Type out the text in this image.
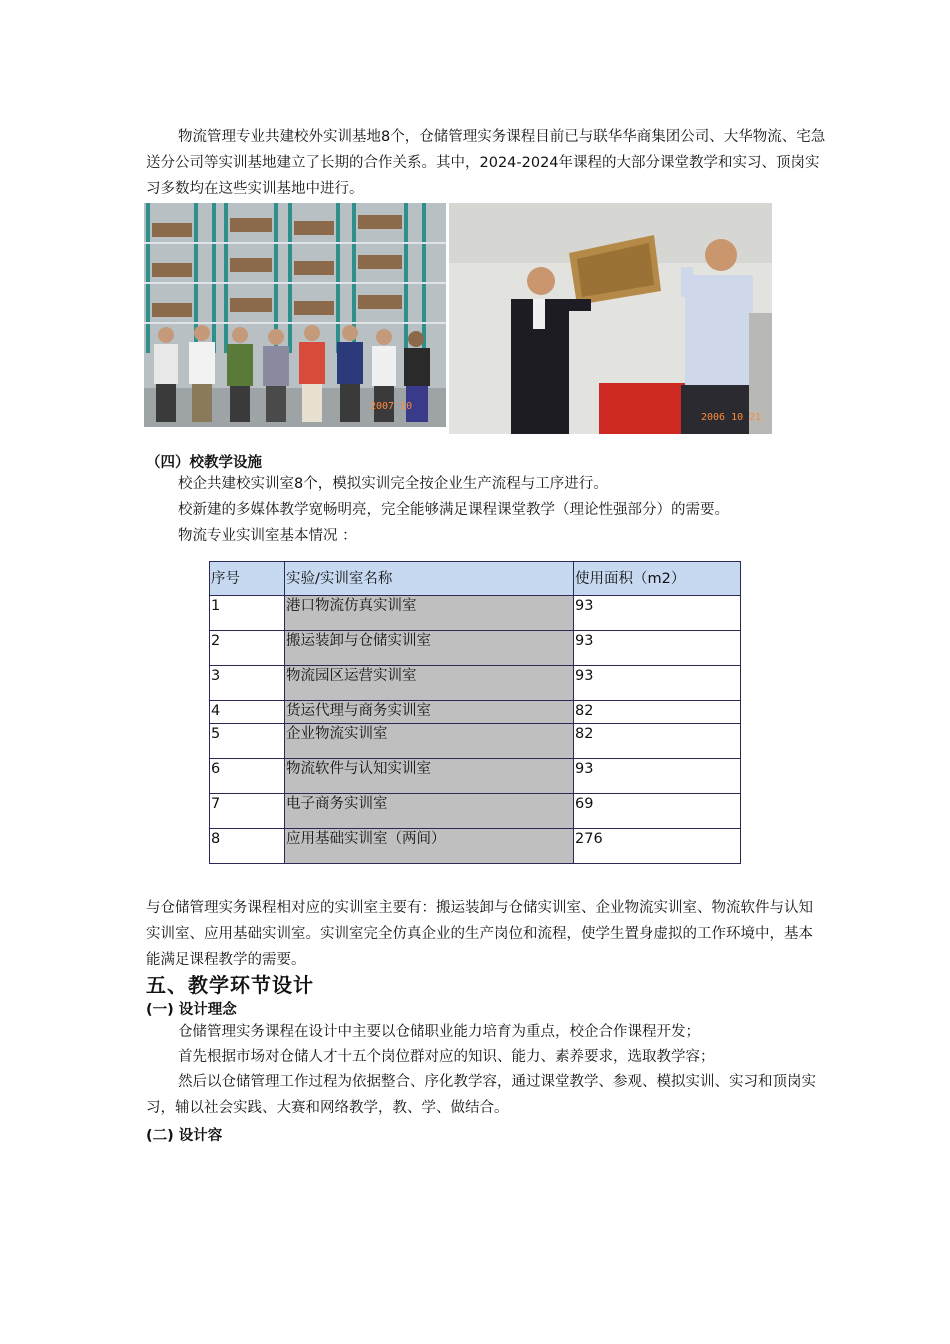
物流管理专业共建校外实训基地8个，仓储管理实务课程目前已与联华华商集团公司、大华物流、宅急送分公司等实训基地建立了长期的合作关系。其中，2024-2024年课程的大部分课堂教学和实习、顶岗实习多数均在这些实训基地中进行。

2007 10
2006 10 21
（四）校教学设施

校企共建校实训室8个，模拟实训完全按企业生产流程与工序进行。

校新建的多媒体教学宽畅明亮，完全能够满足课程课堂教学（理论性强部分）的需要。

物流专业实训室基本情况 ：

序号	实验/实训室名称	使用面积（m2）
1	港口物流仿真实训室	93
2	搬运装卸与仓储实训室	93
3	物流园区运营实训室	93
4	货运代理与商务实训室	82
5	企业物流实训室	82
6	物流软件与认知实训室	93
7	电子商务实训室	69
8	应用基础实训室（两间）	276

与仓储管理实务课程相对应的实训室主要有：搬运装卸与仓储实训室、企业物流实训室、物流软件与认知实训室、应用基础实训室。实训室完全仿真企业的生产岗位和流程，使学生置身虚拟的工作环境中，基本能满足课程教学的需要。

五、教学环节设计
(一) 设计理念

仓储管理实务课程在设计中主要以仓储职业能力培育为重点，校企合作课程开发；

首先根据市场对仓储人才十五个岗位群对应的知识、能力、素养要求，选取教学容；

然后以仓储管理工作过程为依据整合、序化教学容，通过课堂教学、参观、模拟实训、实习和顶岗实习，辅以社会实践、大赛和网络教学，教、学、做结合。

(二) 设计容
